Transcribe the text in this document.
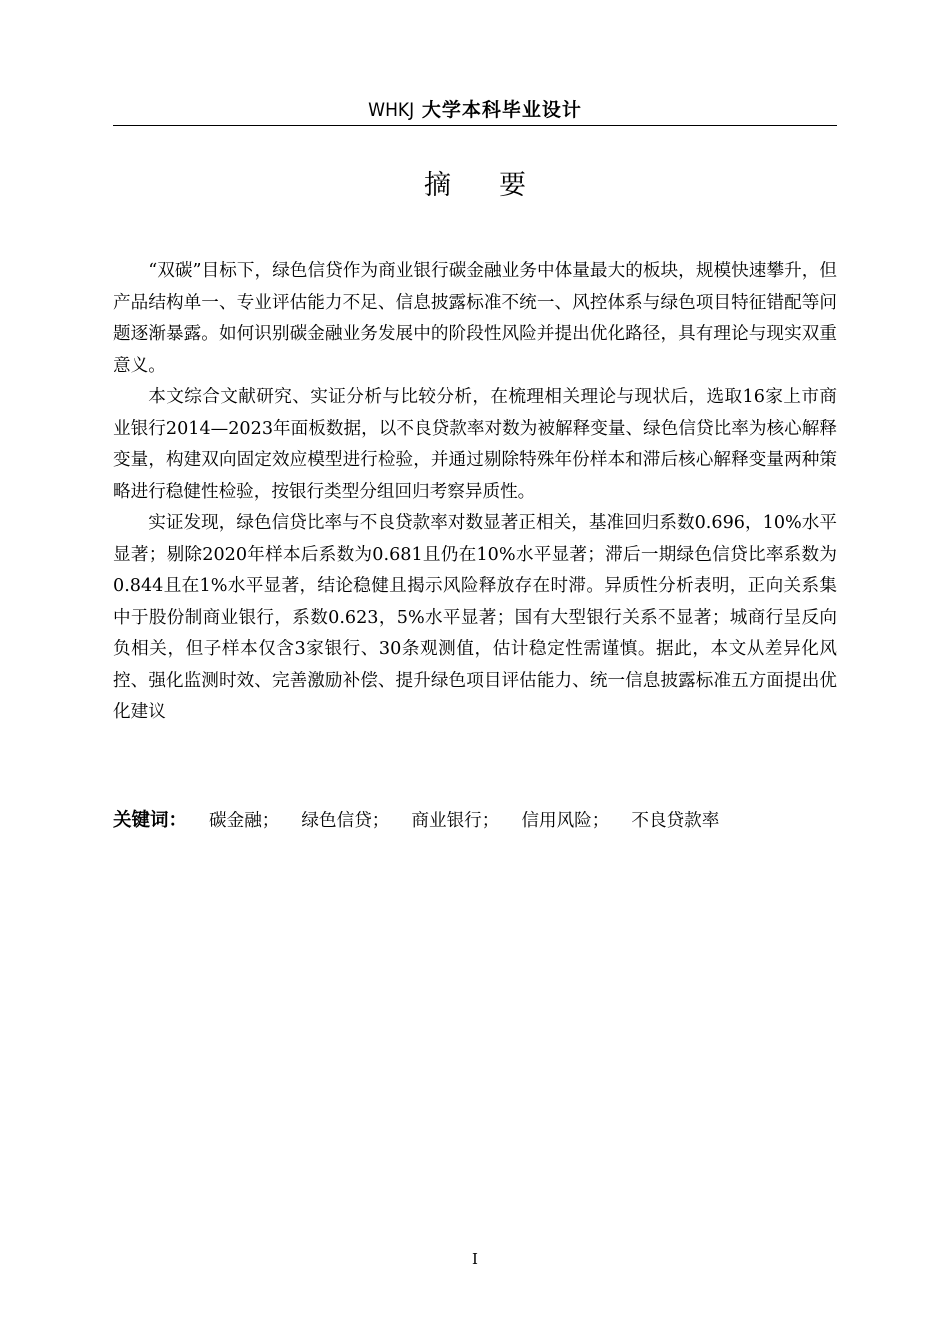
WHKJ 大学本科毕业设计
摘要

“双碳”目标下，绿色信贷作为商业银行碳金融业务中体量最大的板块，规模快速攀升，但产品结构单一、专业评估能力不足、信息披露标准不统一、风控体系与绿色项目特征错配等问题逐渐暴露。如何识别碳金融业务发展中的阶段性风险并提出优化路径，具有理论与现实双重意义。

本文综合文献研究、实证分析与比较分析，在梳理相关理论与现状后，选取16家上市商业银行2014—2023年面板数据，以不良贷款率对数为被解释变量、绿色信贷比率为核心解释变量，构建双向固定效应模型进行检验，并通过剔除特殊年份样本和滞后核心解释变量两种策略进行稳健性检验，按银行类型分组回归考察异质性。

实证发现，绿色信贷比率与不良贷款率对数显著正相关，基准回归系数0.696，10%水平显著；剔除2020年样本后系数为0.681且仍在10%水平显著；滞后一期绿色信贷比率系数为0.844且在1%水平显著，结论稳健且揭示风险释放存在时滞。异质性分析表明，正向关系集中于股份制商业银行，系数0.623，5%水平显著；国有大型银行关系不显著；城商行呈反向负相关，但子样本仅含3家银行、30条观测值，估计稳定性需谨慎。据此，本文从差异化风控、强化监测时效、完善激励补偿、提升绿色项目评估能力、统一信息披露标准五方面提出优化建议

关键词： 碳金融； 绿色信贷； 商业银行； 信用风险； 不良贷款率
I
